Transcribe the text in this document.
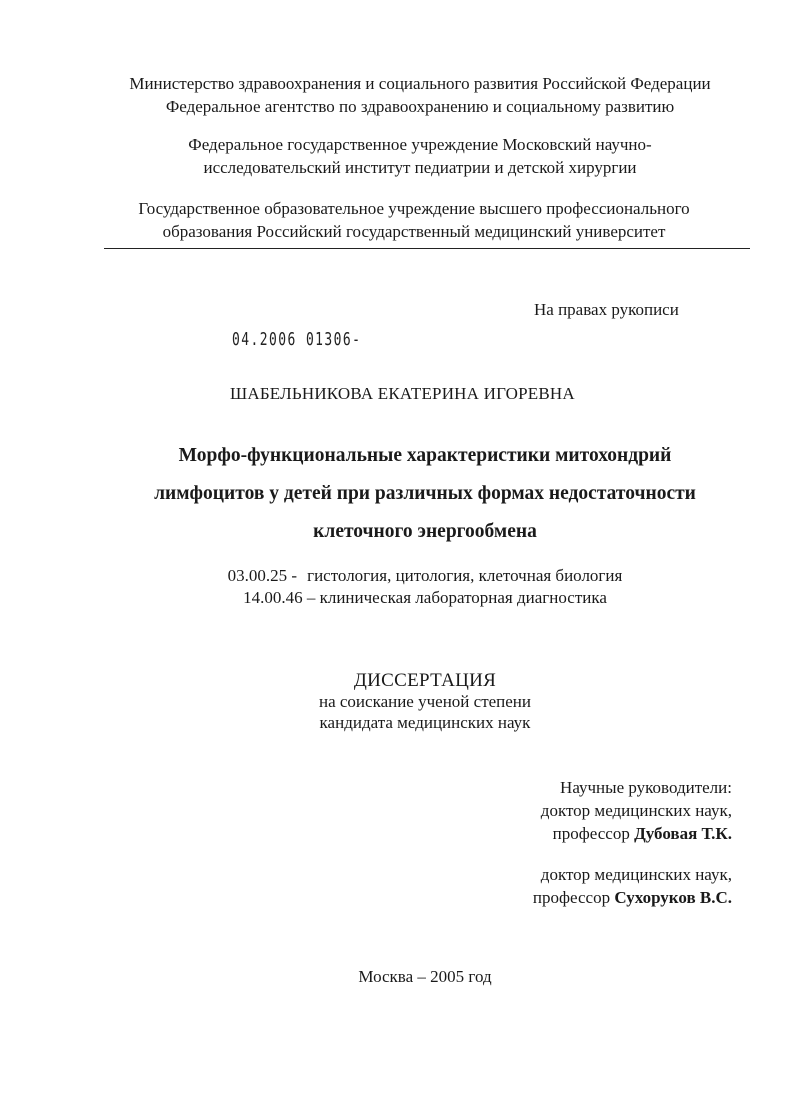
Министерство здравоохранения и социального развития Российской Федерации
Федеральное агентство по здравоохранению и социальному развитию
Федеральное государственное учреждение Московский научно-
исследовательский институт педиатрии и детской хирургии
Государственное образовательное учреждение высшего профессионального
образования Российский государственный медицинский университет
На правах рукописи
04.2006 01306-
ШАБЕЛЬНИКОВА ЕКАТЕРИНА ИГОРЕВНА
Морфо-функциональные характеристики митохондрий
лимфоцитов у детей при различных формах недостаточности
клеточного энергообмена
03.00.25 - гистология, цитология, клеточная биология
14.00.46 – клиническая лабораторная диагностика
ДИССЕРТАЦИЯ
на соискание ученой степени
кандидата медицинских наук
Научные руководители:
доктор медицинских наук,
профессор Дубовая Т.К.
доктор медицинских наук,
профессор Сухоруков В.С.
Москва – 2005 год
